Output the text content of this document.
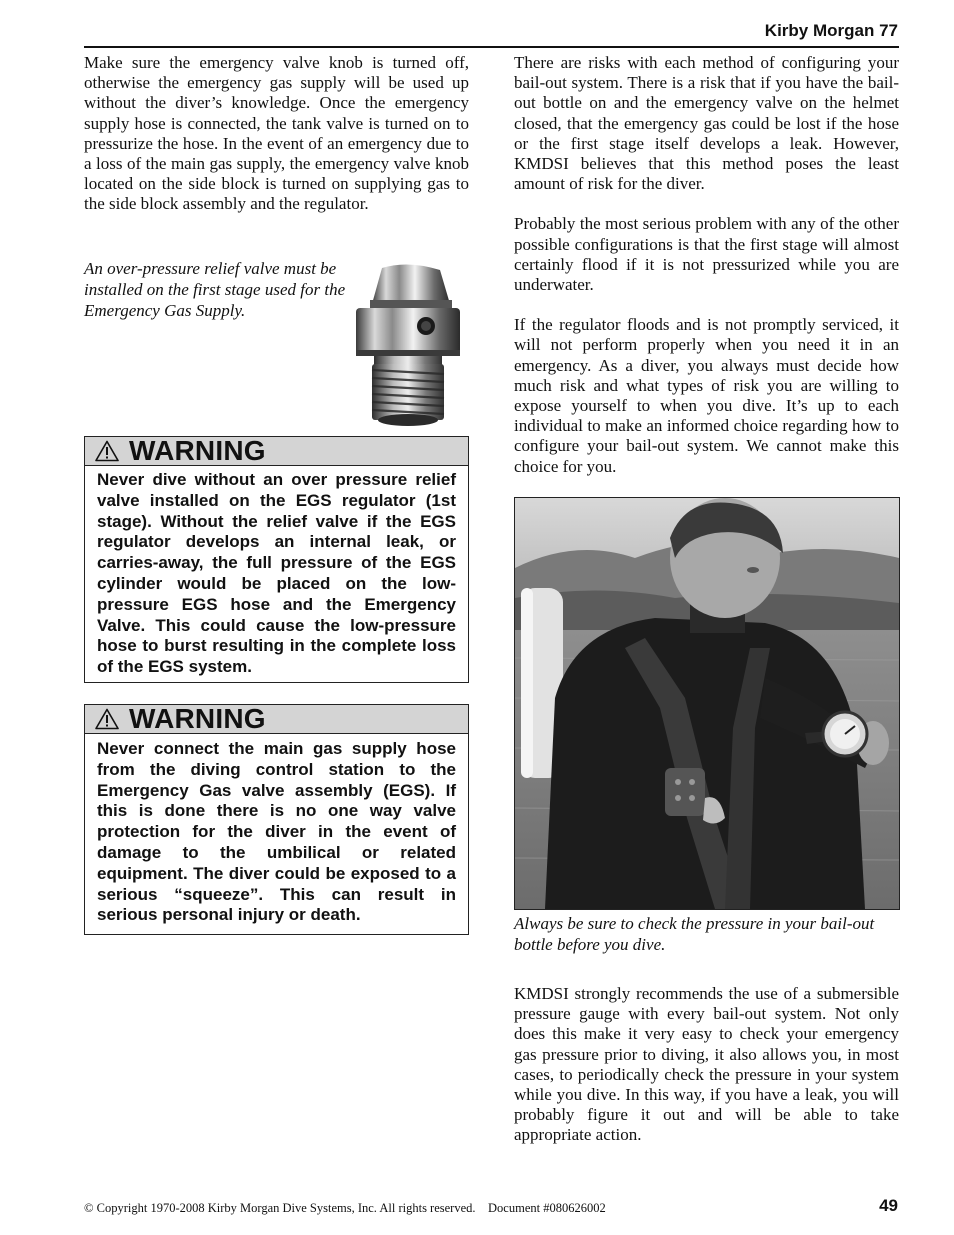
Kirby Morgan 77

Make sure the emergency valve knob is turned off, otherwise the emergency gas supply will be used up without the diver’s knowledge. Once the emergency supply hose is connected, the tank valve is turned on to pressurize the hose. In the event of an emergency due to a loss of the main gas supply, the emergency valve knob located on the side block is turned on supplying gas to the side block assembly and the regulator.

An over-pressure relief valve must be installed on the first stage used for the Emergency Gas Supply.

WARNING
Never dive without an over pressure relief valve installed on the EGS regulator (1st stage). Without the relief valve if the EGS regulator develops an internal leak, or carries-away, the full pressure of the EGS cylinder would be placed on the low-pressure EGS hose and the Emergency Valve. This could cause the low-pressure hose to burst resulting in the complete loss of the EGS system.
WARNING
Never connect the main gas supply hose from the diving control station to the Emergency Gas valve assembly (EGS). If this is done there is no one way valve protection for the diver in the event of damage to the umbilical or related equipment. The diver could be exposed to a serious “squeeze”. This can result in serious personal injury or death.

There are risks with each method of configuring your bail-out system. There is a risk that if you have the bail-out bottle on and the emergency valve on the helmet closed, that the emergency gas could be lost if the hose or the first stage itself develops a leak. However, KMDSI believes that this method poses the least amount of risk for the diver.

Probably the most serious problem with any of the other possible configurations is that the first stage will almost certainly flood if it is not pressurized while you are underwater.

If the regulator floods and is not promptly serviced, it will not perform properly when you need it in an emergency. As a diver, you always must decide how much risk and what types of risk you are willing to expose yourself to when you dive. It’s up to each individual to make an informed choice regarding how to configure your bail-out system. We cannot make this choice for you.

Always be sure to check the pressure in your bail-out bottle before you dive.

KMDSI strongly recommends the use of a submersible pressure gauge with every bail-out system. Not only does this make it very easy to check your emergency gas pressure prior to diving, it also allows you, in most cases, to periodically check the pressure in your system while you dive. In this way, if you have a leak, you will probably figure it out and will be able to take appropriate action.

© Copyright 1970-2008 Kirby Morgan Dive Systems, Inc. All rights reserved.    Document #080626002	49
